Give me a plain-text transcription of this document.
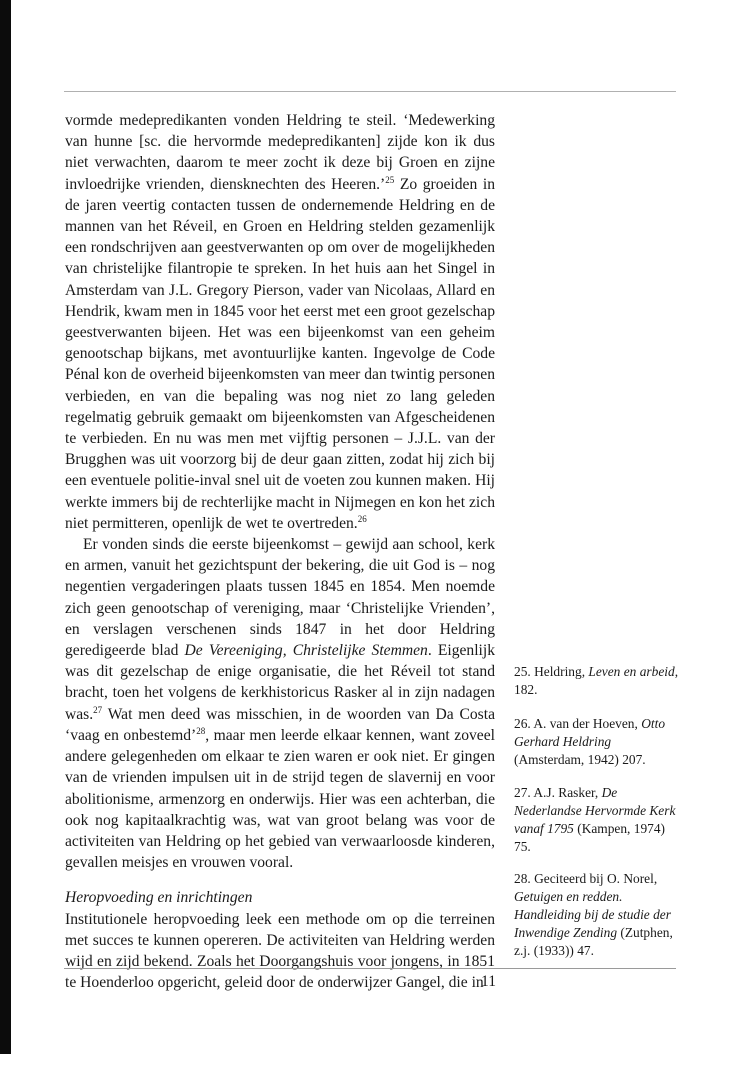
vormde medepredikanten vonden Heldring te steil. ‘Medewerking van hunne [sc. die hervormde medepredikanten] zijde kon ik dus niet verwachten, daarom te meer zocht ik deze bij Groen en zijne invloedrijke vrienden, diensknechten des Heeren.’$^{25}$ Zo groeiden in de jaren veertig contacten tussen de ondernemende Heldring en de mannen van het Réveil, en Groen en Heldring stelden gezamenlijk een rondschrijven aan geestverwanten op om over de mogelijkheden van christelijke filantropie te spreken. In het huis aan het Singel in Amsterdam van J.L. Gregory Pierson, vader van Nicolaas, Allard en Hendrik, kwam men in 1845 voor het eerst met een groot gezelschap geestverwanten bijeen. Het was een bijeenkomst van een geheim genootschap bijkans, met avontuurlijke kanten. Ingevolge de Code Pénal kon de overheid bijeenkomsten van meer dan twintig personen verbieden, en van die bepaling was nog niet zo lang geleden regelmatig gebruik gemaakt om bijeenkomsten van Afgescheidenen te verbieden. En nu was men met vijftig personen – J.J.L. van der Brugghen was uit voorzorg bij de deur gaan zitten, zodat hij zich bij een eventuele politie-inval snel uit de voeten zou kunnen maken. Hij werkte immers bij de rechterlijke macht in Nijmegen en kon het zich niet permitteren, openlijk de wet te overtreden.$^{26}$

Er vonden sinds die eerste bijeenkomst – gewijd aan school, kerk en armen, vanuit het gezichtspunt der bekering, die uit God is – nog negentien vergaderingen plaats tussen 1845 en 1854. Men noemde zich geen genootschap of vereniging, maar ‘Christelijke Vrienden’, en verslagen verschenen sinds 1847 in het door Heldring geredigeerde blad De Vereeniging, Christelijke Stemmen. Eigenlijk was dit gezelschap de enige organisatie, die het Réveil tot stand bracht, toen het volgens de kerkhistoricus Rasker al in zijn nadagen was.$^{27}$ Wat men deed was misschien, in de woorden van Da Costa ‘vaag en onbestemd’$^{28}$, maar men leerde elkaar kennen, want zoveel andere gelegenheden om elkaar te zien waren er ook niet. Er gingen van de vrienden impulsen uit in de strijd tegen de slavernij en voor abolitionisme, armenzorg en onderwijs. Hier was een achterban, die ook nog kapitaalkrachtig was, wat van groot belang was voor de activiteiten van Heldring op het gebied van verwaarloosde kinderen, gevallen meisjes en vrouwen vooral.

Heropvoeding en inrichtingen

Institutionele heropvoeding leek een methode om op die terreinen met succes te kunnen opereren. De activiteiten van Heldring werden wijd en zijd bekend. Zoals het Doorgangshuis voor jongens, in 1851 te Hoenderloo opgericht, geleid door de onderwijzer Gangel, die in

25. Heldring, Leven en arbeid, 182.
26. A. van der Hoeven, Otto Gerhard Heldring (Amsterdam, 1942) 207.
27. A.J. Rasker, De Nederlandse Hervormde Kerk vanaf 1795 (Kampen, 1974) 75.
28. Geciteerd bij O. Norel, Getuigen en redden. Handleiding bij de studie der Inwendige Zending (Zutphen, z.j. (1933)) 47.
11
